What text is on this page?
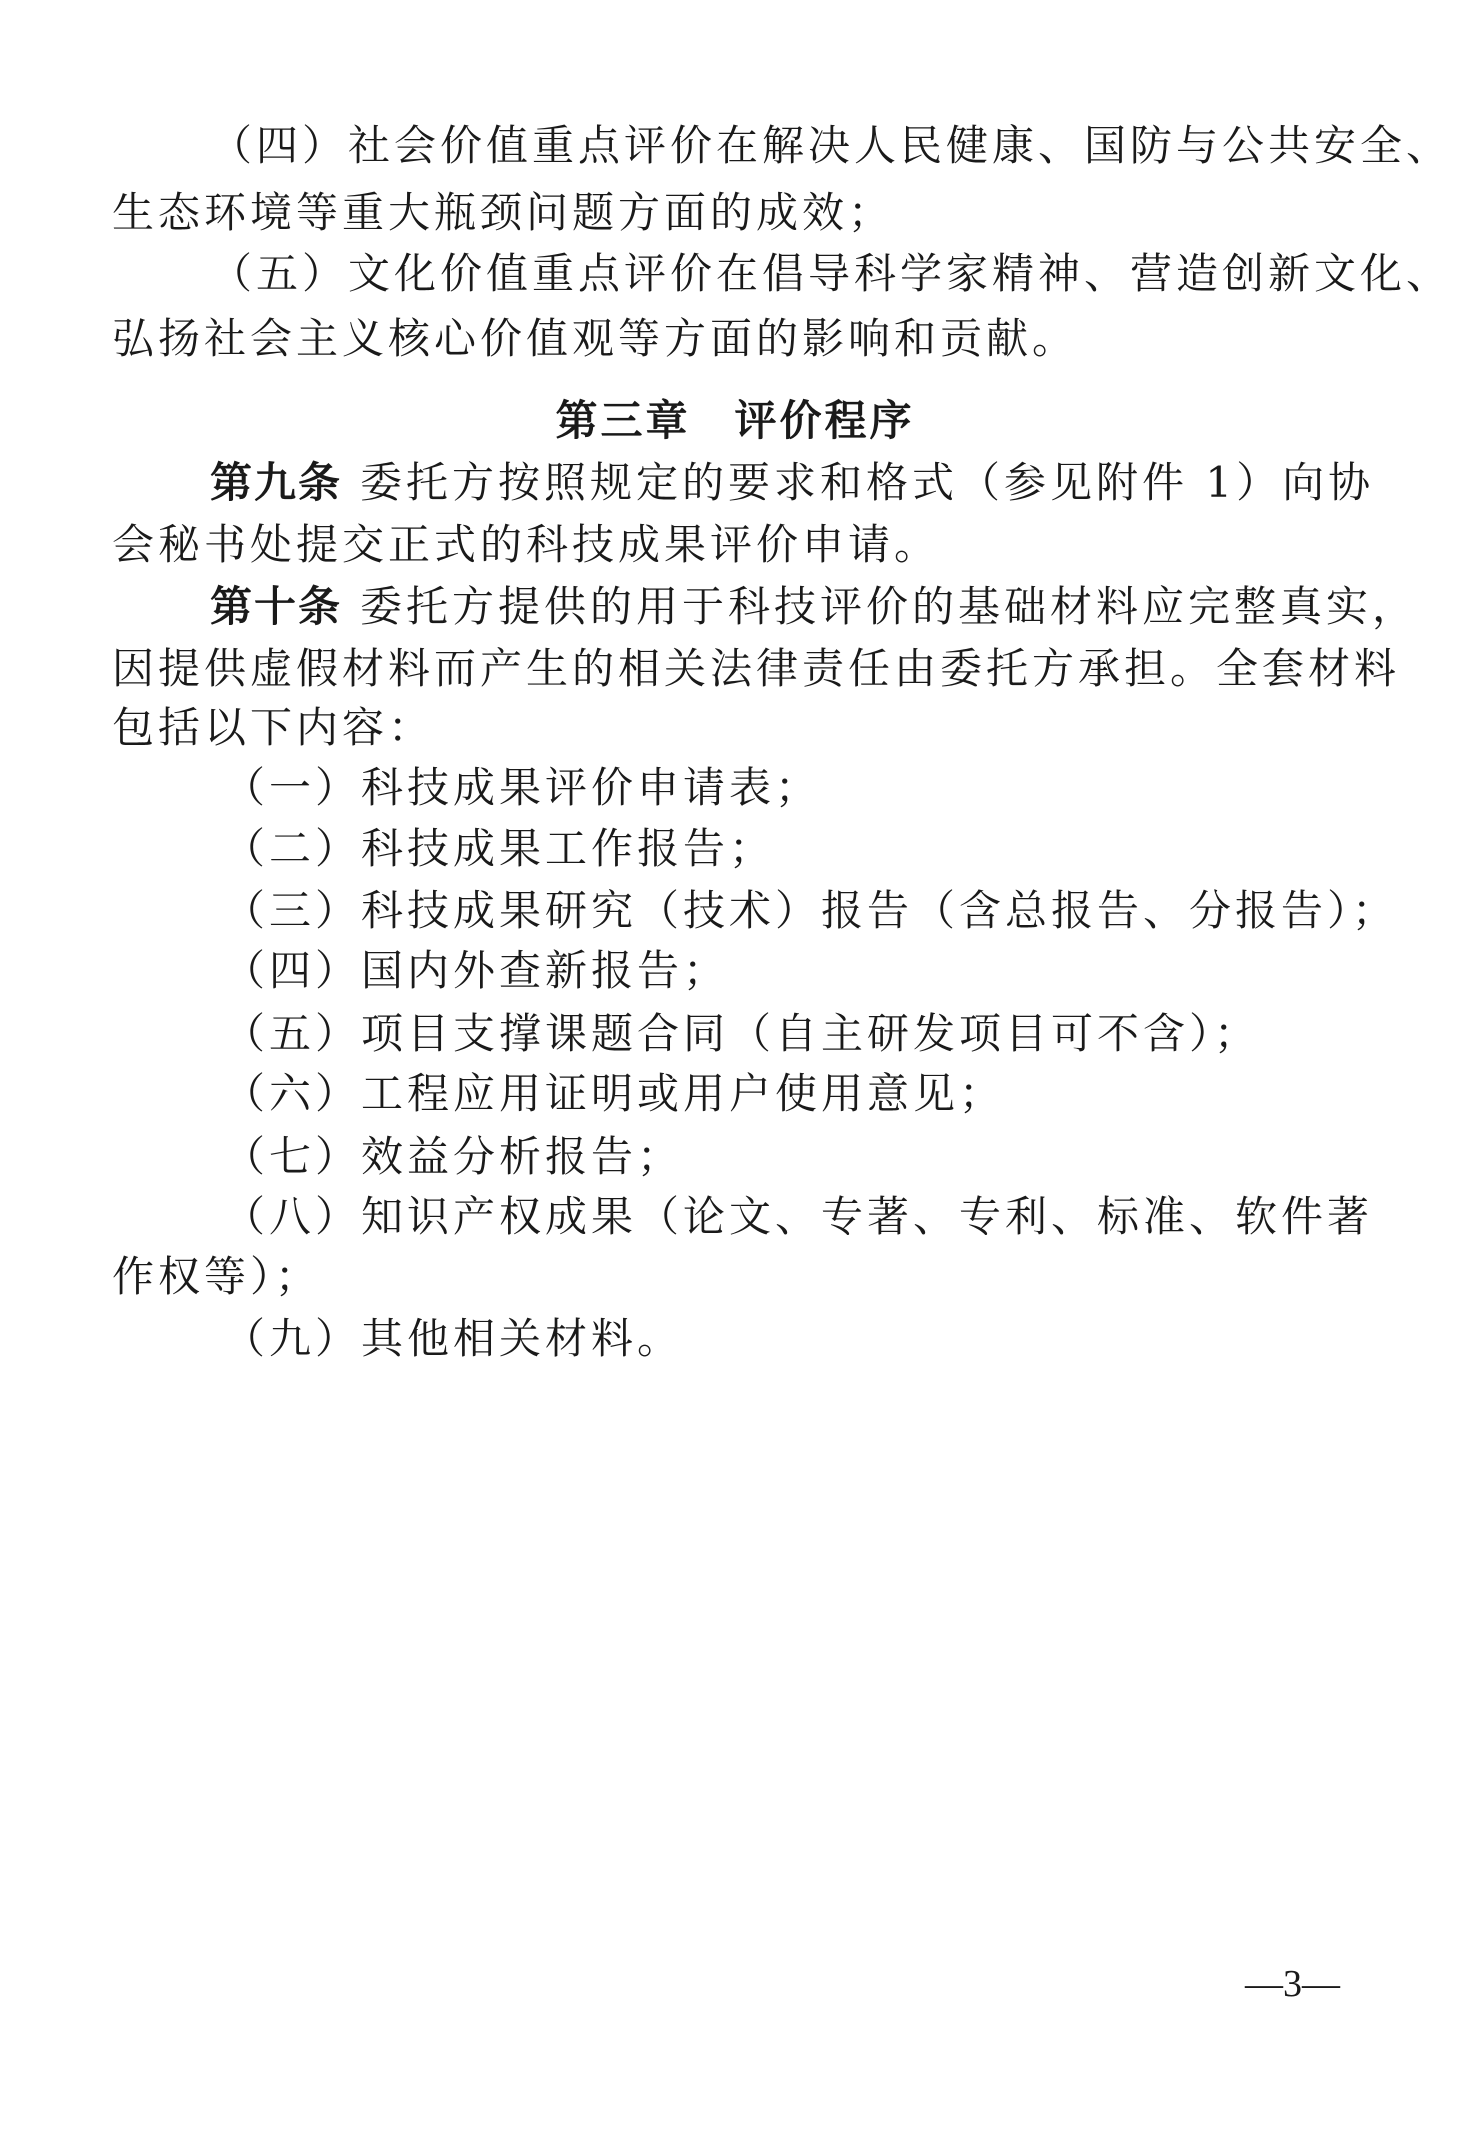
（四）社会价值重点评价在解决人民健康、国防与公共安全、
生态环境等重大瓶颈问题方面的成效；
（五）文化价值重点评价在倡导科学家精神、营造创新文化、
弘扬社会主义核心价值观等方面的影响和贡献。
第三章 评价程序
第九条 委托方按照规定的要求和格式（参见附件 1）向协
会秘书处提交正式的科技成果评价申请。
第十条 委托方提供的用于科技评价的基础材料应完整真实，
因提供虚假材料而产生的相关法律责任由委托方承担。全套材料
包括以下内容：
（一）科技成果评价申请表；
（二）科技成果工作报告；
（三）科技成果研究（技术）报告（含总报告、分报告）；
（四）国内外查新报告；
（五）项目支撑课题合同（自主研发项目可不含）；
（六）工程应用证明或用户使用意见；
（七）效益分析报告；
（八）知识产权成果（论文、专著、专利、标准、软件著
作权等）；
（九）其他相关材料。
—3—
